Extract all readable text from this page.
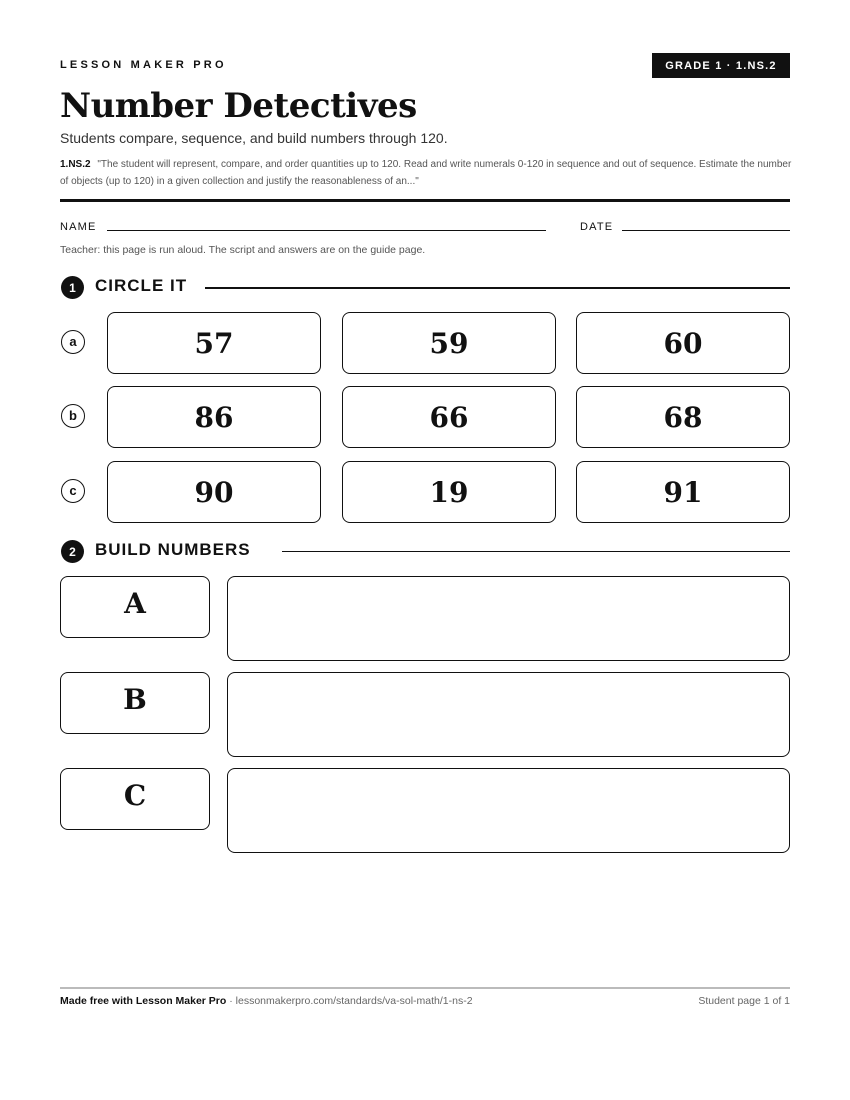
LESSON MAKER PRO	GRADE 1 · 1.NS.2
Number Detectives
Students compare, sequence, and build numbers through 120.
1.NS.2 "The student will represent, compare, and order quantities up to 120. Read and write numerals 0-120 in sequence and out of sequence. Estimate the number of objects (up to 120) in a given collection and justify the reasonableness of an..."
NAME	DATE
Teacher: this page is run aloud. The script and answers are on the guide page.
1	CIRCLE IT
a	57	59	60
b	86	66	68
c	90	19	91
2	BUILD NUMBERS
A
B
C
Made free with Lesson Maker Pro · lessonmakerpro.com/standards/va-sol-math/1-ns-2	Student page 1 of 1
